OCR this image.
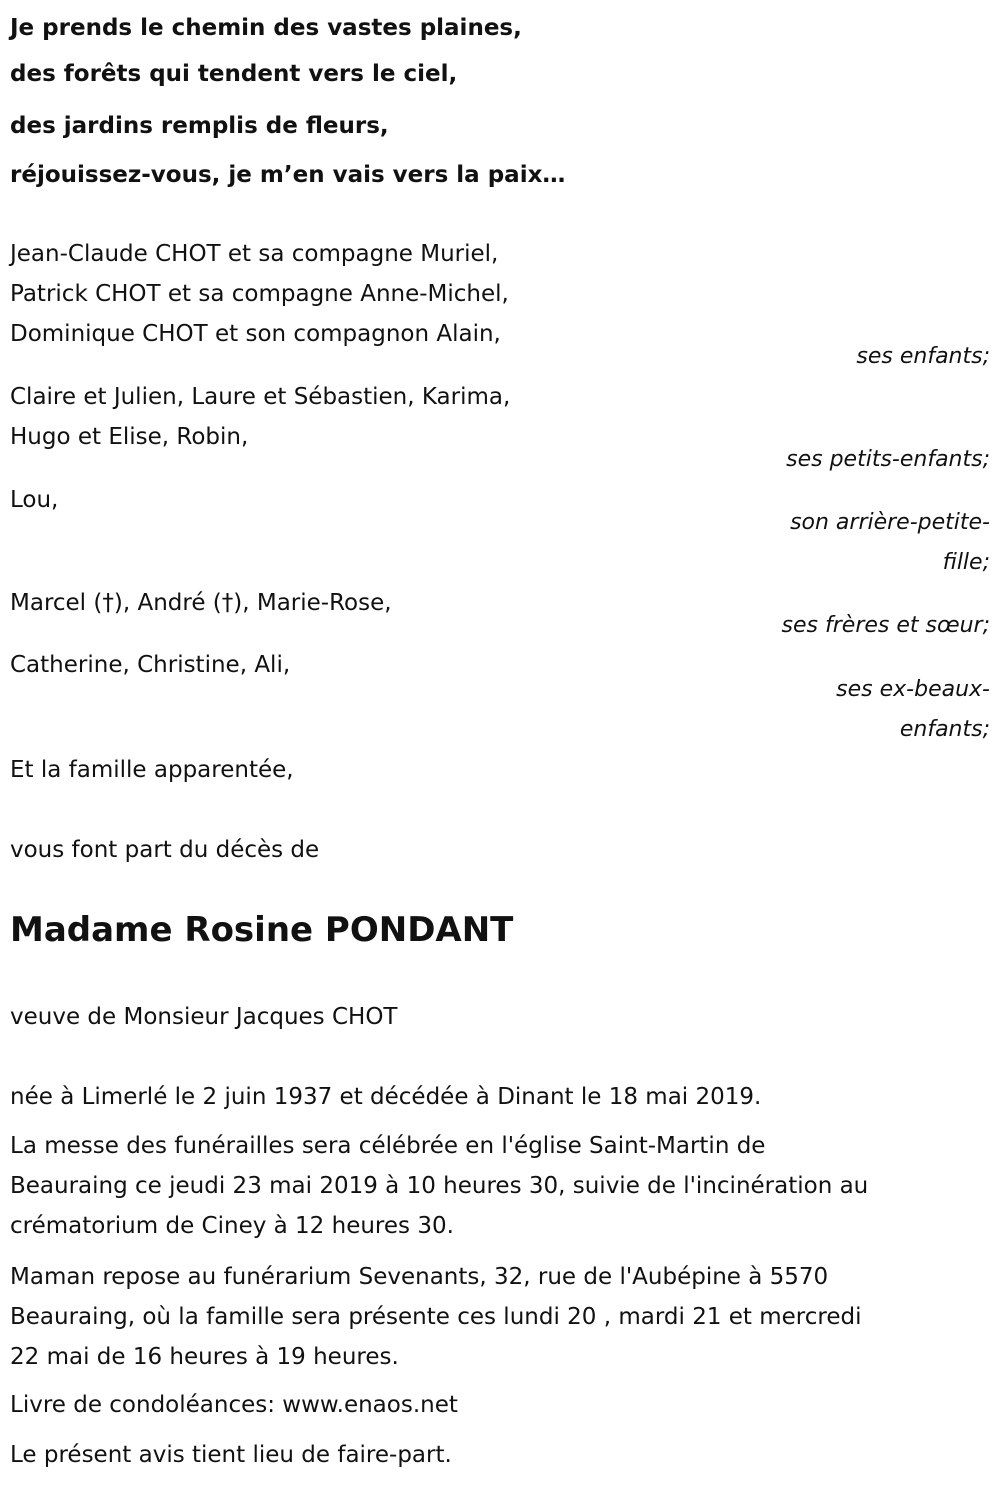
Je prends le chemin des vastes plaines,
des forêts qui tendent vers le ciel,
des jardins remplis de fleurs,
réjouissez-vous, je m’en vais vers la paix…
Jean-Claude CHOT et sa compagne Muriel,
Patrick CHOT et sa compagne Anne-Michel,
Dominique CHOT et son compagnon Alain,
ses enfants;
Claire et Julien, Laure et Sébastien, Karima,
Hugo et Elise, Robin,
ses petits-enfants;
Lou,
son arrière-petite-
fille;
Marcel (†), André (†), Marie-Rose,
ses frères et sœur;
Catherine, Christine, Ali,
ses ex-beaux-
enfants;
Et la famille apparentée,
vous font part du décès de
Madame Rosine PONDANT
veuve de Monsieur Jacques CHOT
née à Limerlé le 2 juin 1937 et décédée à Dinant le 18 mai 2019.
La messe des funérailles sera célébrée en l'église Saint-Martin de
Beauraing ce jeudi 23 mai 2019 à 10 heures 30, suivie de l'incinération au
crématorium de Ciney à 12 heures 30.
Maman repose au funérarium Sevenants, 32, rue de l'Aubépine à 5570
Beauraing, où la famille sera présente ces lundi 20 , mardi 21 et mercredi
22 mai de 16 heures à 19 heures.
Livre de condoléances: www.enaos.net
Le présent avis tient lieu de faire-part.
